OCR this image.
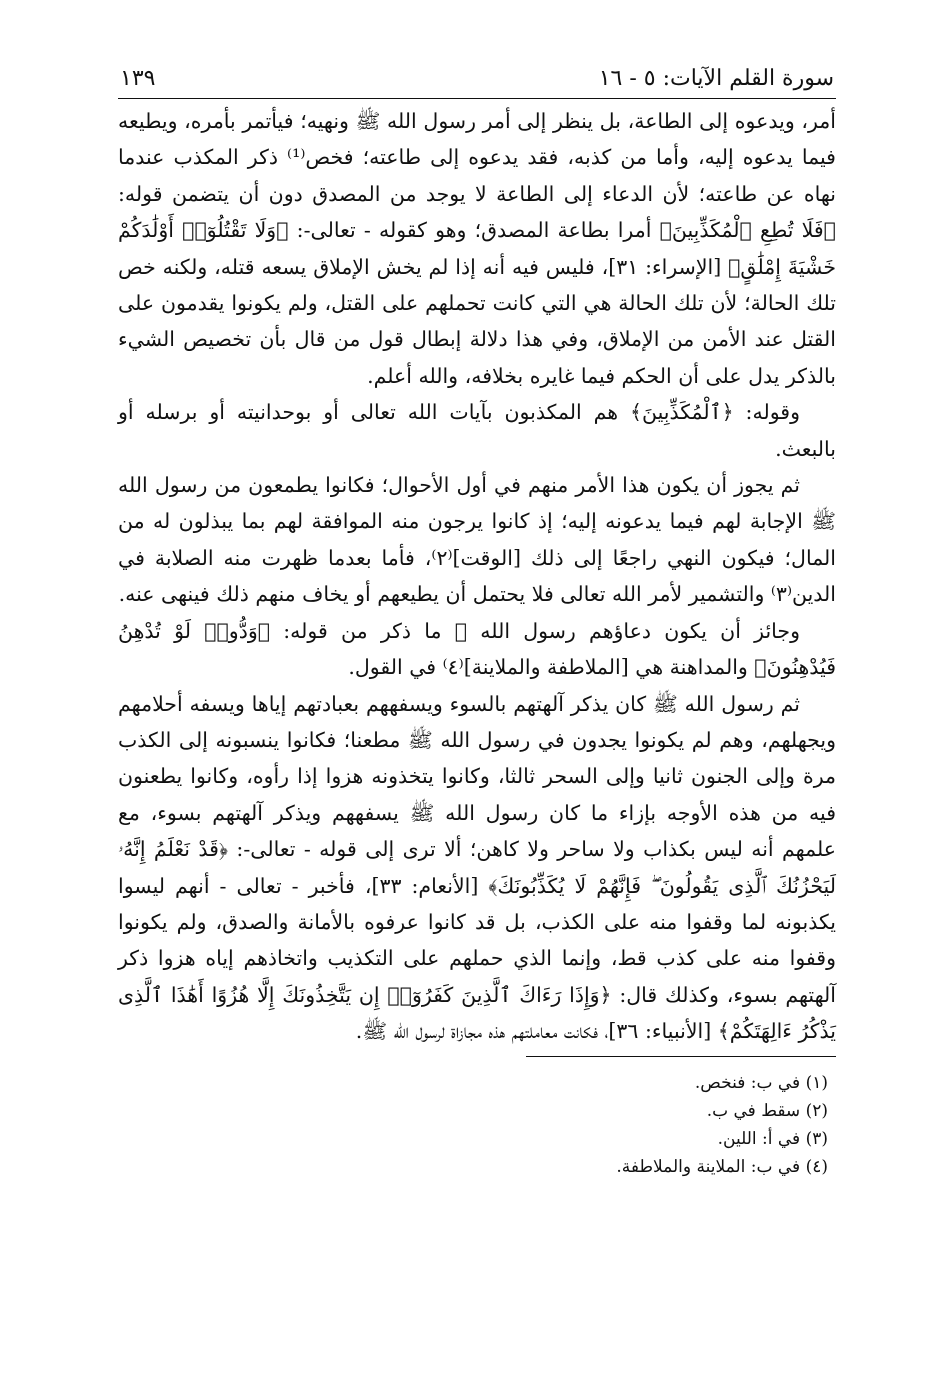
سورة القلم الآيات: ٥ - ١٦
١٣٩

أمر، ويدعوه إلى الطاعة، بل ينظر إلى أمر رسول الله ﷺ ونهيه؛ فيأتمر بأمره، ويطيعه فيما يدعوه إليه، وأما من كذبه، فقد يدعوه إلى طاعته؛ فخص⁽¹⁾ ذكر المكذب عندما نهاه عن طاعته؛ لأن الدعاء إلى الطاعة لا يوجد من المصدق دون أن يتضمن قوله: ﴿فَلَا تُطِعِ ٱلْمُكَذِّبِينَ﴾ أمرا بطاعة المصدق؛ وهو كقوله - تعالى-: ﴿وَلَا تَقْتُلُوٓا۟ أَوْلَٰدَكُمْ خَشْيَةَ إِمْلَٰقٍ﴾ [الإسراء: ٣١]، فليس فيه أنه إذا لم يخش الإملاق يسعه قتله، ولكنه خص تلك الحالة؛ لأن تلك الحالة هي التي كانت تحملهم على القتل، ولم يكونوا يقدمون على القتل عند الأمن من الإملاق، وفي هذا دلالة إبطال قول من قال بأن تخصيص الشيء بالذكر يدل على أن الحكم فيما غايره بخلافه، والله أعلم.

وقوله: ﴿ٱلْمُكَذِّبِينَ﴾ هم المكذبون بآيات الله تعالى أو بوحدانيته أو برسله أو بالبعث.

ثم يجوز أن يكون هذا الأمر منهم في أول الأحوال؛ فكانوا يطمعون من رسول الله ﷺ الإجابة لهم فيما يدعونه إليه؛ إذ كانوا يرجون منه الموافقة لهم بما يبذلون له من المال؛ فيكون النهي راجعًا إلى ذلك [الوقت]⁽٢⁾، فأما بعدما ظهرت منه الصلابة في الدين⁽٣⁾ والتشمير لأمر الله تعالى فلا يحتمل أن يطيعهم أو يخاف منهم ذلك فينهى عنه.

وجائز أن يكون دعاؤهم رسول الله ﷺ ما ذكر من قوله: ﴿وَدُّوا۟ لَوْ تُدْهِنُ فَيُدْهِنُونَ﴾ والمداهنة هي [الملاطفة والملاينة]⁽٤⁾ في القول.

ثم رسول الله ﷺ كان يذكر آلهتهم بالسوء ويسفههم بعبادتهم إياها ويسفه أحلامهم ويجهلهم، وهم لم يكونوا يجدون في رسول الله ﷺ مطعنا؛ فكانوا ينسبونه إلى الكذب مرة وإلى الجنون ثانيا وإلى السحر ثالثا، وكانوا يتخذونه هزوا إذا رأوه، وكانوا يطعنون فيه من هذه الأوجه بإزاء ما كان رسول الله ﷺ يسفههم ويذكر آلهتهم بسوء، مع علمهم أنه ليس بكذاب ولا ساحر ولا كاهن؛ ألا ترى إلى قوله - تعالى-: ﴿قَدْ نَعْلَمُ إِنَّهُۥ لَيَحْزُنُكَ ٱلَّذِى يَقُولُونَ ۖ فَإِنَّهُمْ لَا يُكَذِّبُونَكَ﴾ [الأنعام: ٣٣]، فأخبر - تعالى - أنهم ليسوا يكذبونه لما وقفوا منه على الكذب، بل قد كانوا عرفوه بالأمانة والصدق، ولم يكونوا وقفوا منه على كذب قط، وإنما الذي حملهم على التكذيب واتخاذهم إياه هزوا ذكر آلهتهم بسوء، وكذلك قال: ﴿وَإِذَا رَءَاكَ ٱلَّذِينَ كَفَرُوٓا۟ إِن يَتَّخِذُونَكَ إِلَّا هُزُوًا أَهَٰذَا ٱلَّذِى يَذْكُرُ ءَالِهَتَكُمْ﴾ [الأنبياء: ٣٦]، فكانت معاملتهم هذه مجازاة لرسول الله ﷺ.

(١) في ب: فنخص.
(٢) سقط في ب.
(٣) في أ: اللين.
(٤) في ب: الملاينة والملاطفة.
